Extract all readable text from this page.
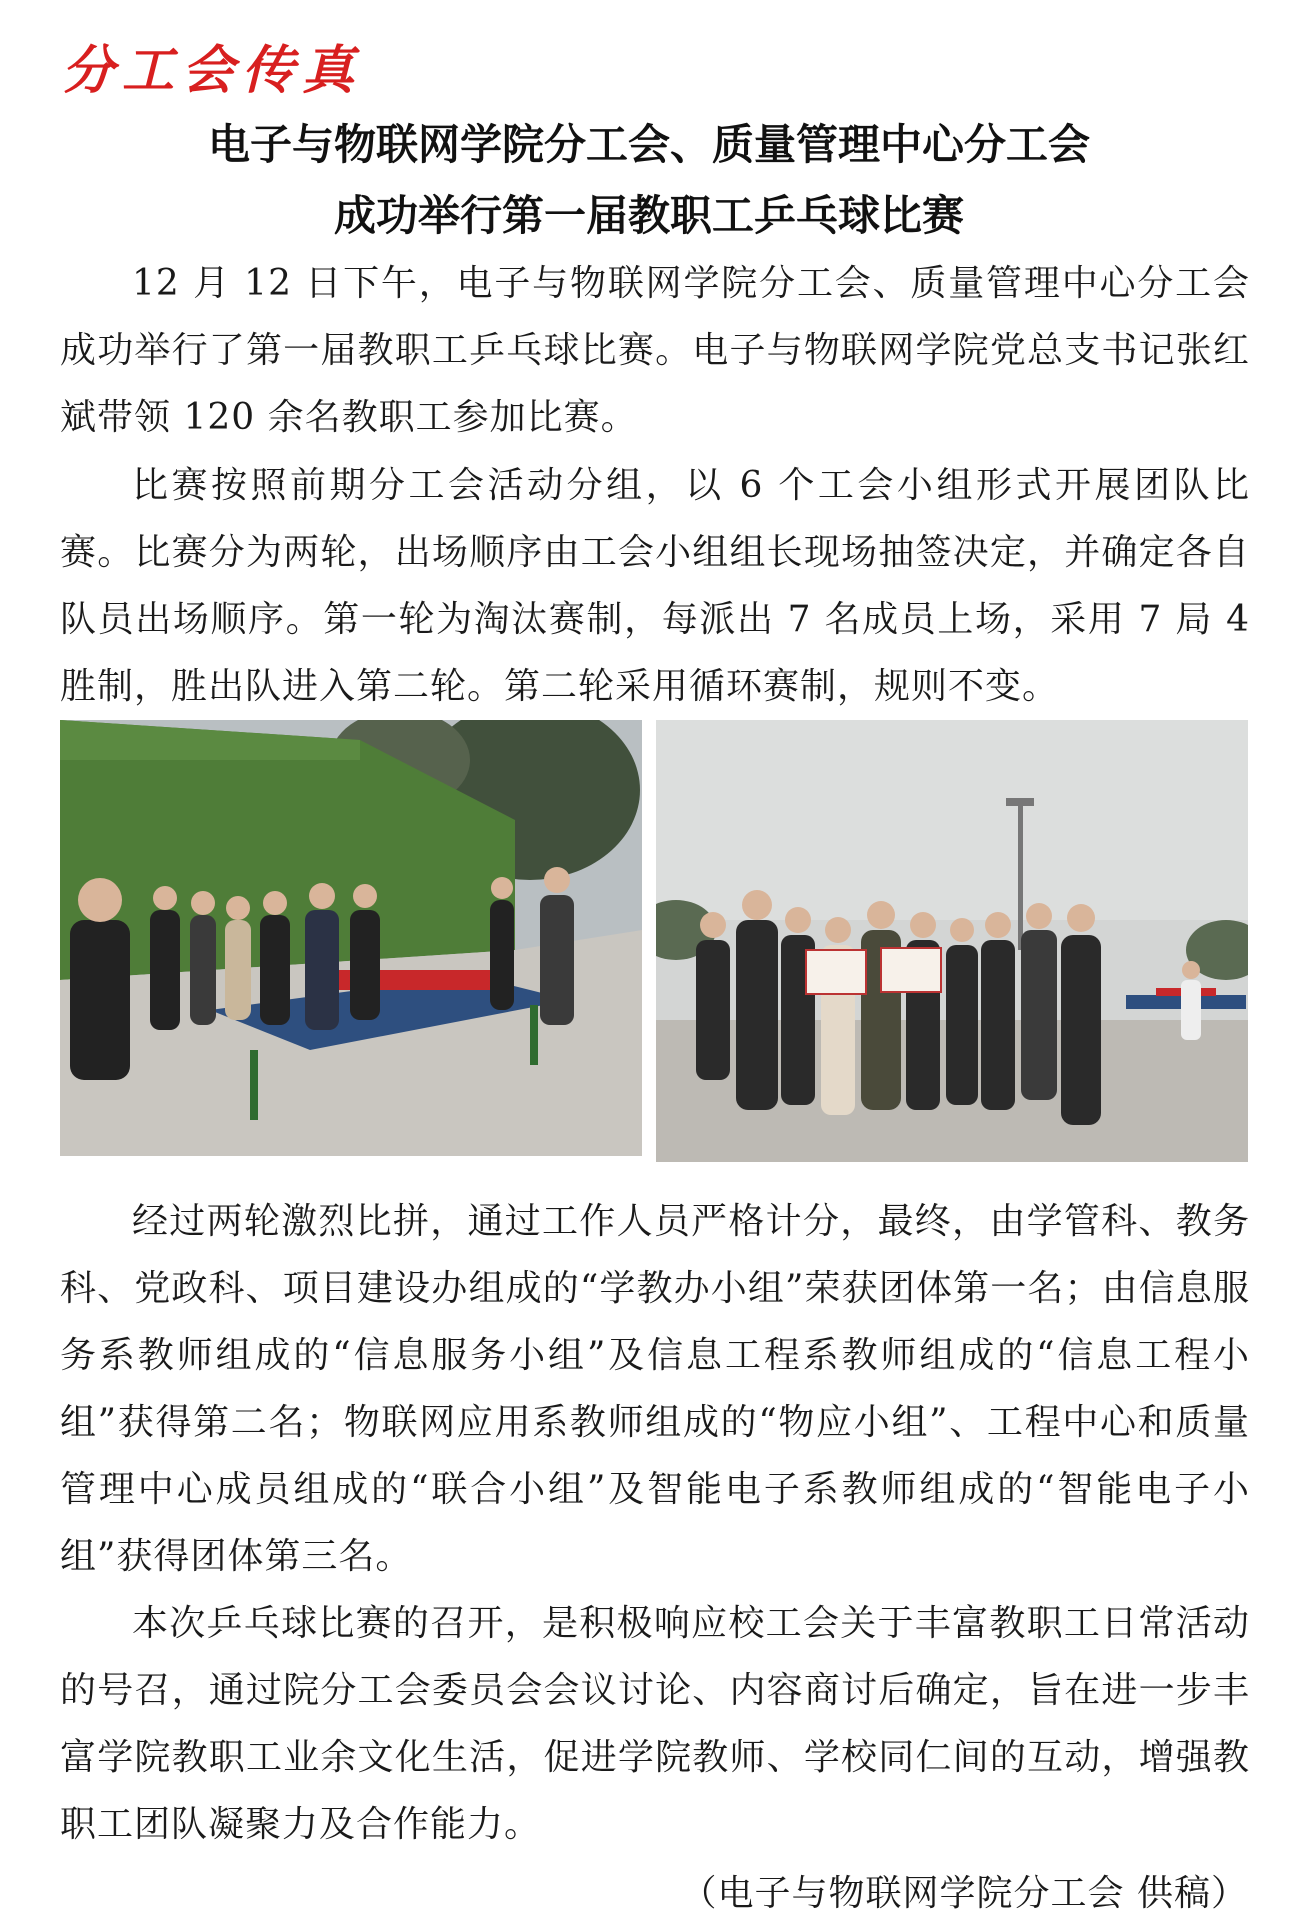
分工会传真
电子与物联网学院分工会、质量管理中心分工会
成功举行第一届教职工乒乓球比赛

12 月 12 日下午，电子与物联网学院分工会、质量管理中心分工会成功举行了第一届教职工乒乓球比赛。电子与物联网学院党总支书记张红斌带领 120 余名教职工参加比赛。

比赛按照前期分工会活动分组，以 6 个工会小组形式开展团队比赛。比赛分为两轮，出场顺序由工会小组组长现场抽签决定，并确定各自队员出场顺序。第一轮为淘汰赛制，每派出 7 名成员上场，采用 7 局 4 胜制，胜出队进入第二轮。第二轮采用循环赛制，规则不变。

经过两轮激烈比拼，通过工作人员严格计分，最终，由学管科、教务科、党政科、项目建设办组成的“学教办小组”荣获团体第一名；由信息服务系教师组成的“信息服务小组”及信息工程系教师组成的“信息工程小组”获得第二名；物联网应用系教师组成的“物应小组”、工程中心和质量管理中心成员组成的“联合小组”及智能电子系教师组成的“智能电子小组”获得团体第三名。

本次乒乓球比赛的召开，是积极响应校工会关于丰富教职工日常活动的号召，通过院分工会委员会会议讨论、内容商讨后确定，旨在进一步丰富学院教职工业余文化生活，促进学院教师、学校同仁间的互动，增强教职工团队凝聚力及合作能力。

（电子与物联网学院分工会 供稿）
